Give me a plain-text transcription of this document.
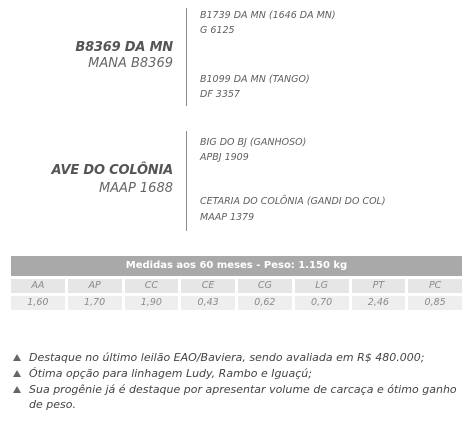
B8369 DA MN
MANA B8369
B1739 DA MN (1646 DA MN)
G 6125
B1099 DA MN (TANGO)
DF 3357
AVE DO COLÔNIA
MAAP 1688
BIG DO BJ (GANHOSO)
APBJ 1909
CETARIA DO COLÔNIA (GANDI DO COL)
MAAP 1379
Medidas aos 60 meses - Peso: 1.150 kg
AA	AP	CC	CE	CG	LG	PT	PC
1,60	1,70	1,90	0,43	0,62	0,70	2,46	0,85
Destaque no último leilão EAO/Baviera, sendo avaliada em R$ 480.000;
Ótima opção para linhagem Ludy, Rambo e Iguaçú;
Sua progênie já é destaque por apresentar volume de carcaça e ótimo ganho de peso.
